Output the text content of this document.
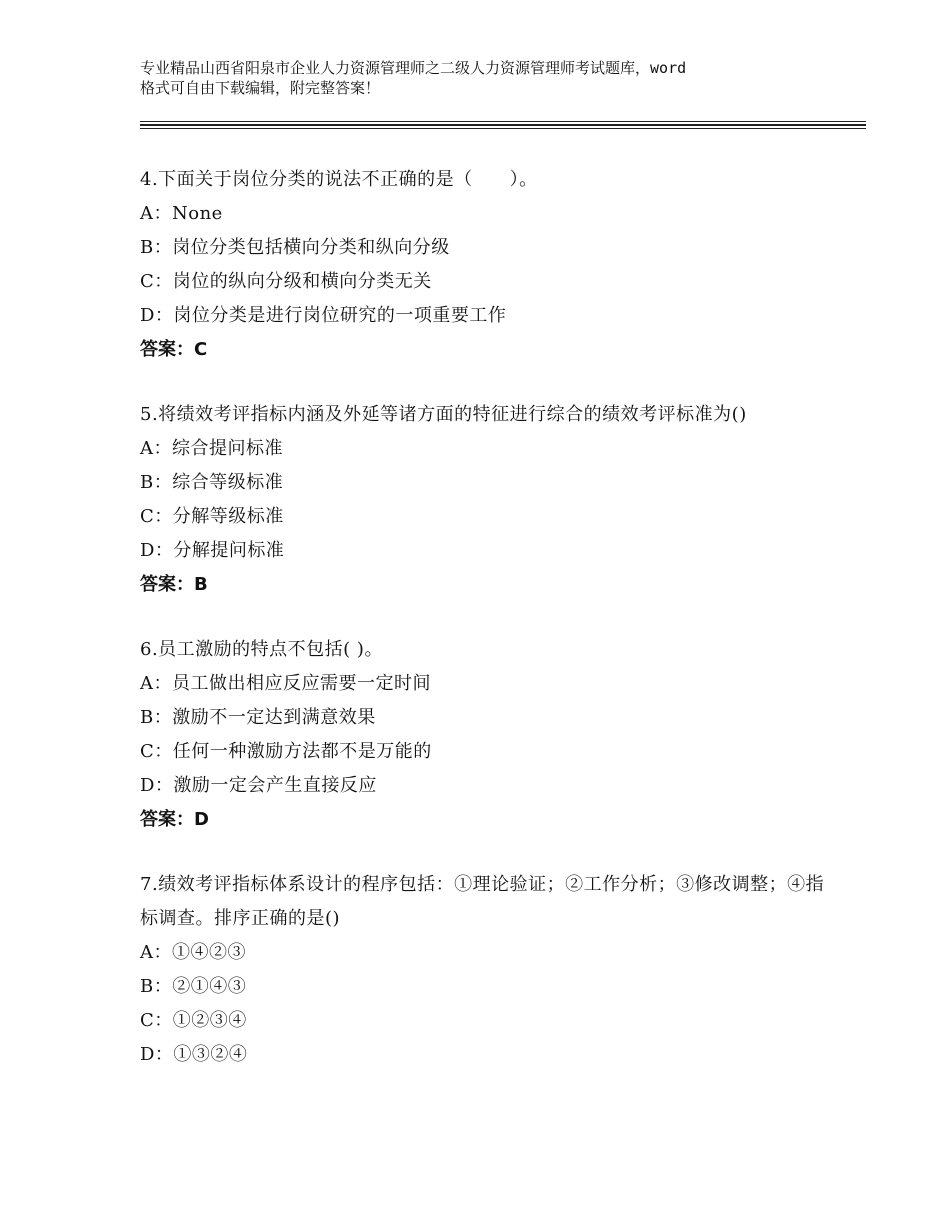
专业精品山西省阳泉市企业人力资源管理师之二级人力资源管理师考试题库，word
格式可自由下载编辑，附完整答案！
4.下面关于岗位分类的说法不正确的是（　　）。
A：None
B：岗位分类包括横向分类和纵向分级
C：岗位的纵向分级和横向分类无关
D：岗位分类是进行岗位研究的一项重要工作
答案：C
5.将绩效考评指标内涵及外延等诸方面的特征进行综合的绩效考评标准为()
A：综合提问标准
B：综合等级标准
C：分解等级标准
D：分解提问标准
答案：B
6.员工激励的特点不包括( )。
A：员工做出相应反应需要一定时间
B：激励不一定达到满意效果
C：任何一种激励方法都不是万能的
D：激励一定会产生直接反应
答案：D
7.绩效考评指标体系设计的程序包括：①理论验证；②工作分析；③修改调整；④指标调查。排序正确的是()
A：①④②③
B：②①④③
C：①②③④
D：①③②④
